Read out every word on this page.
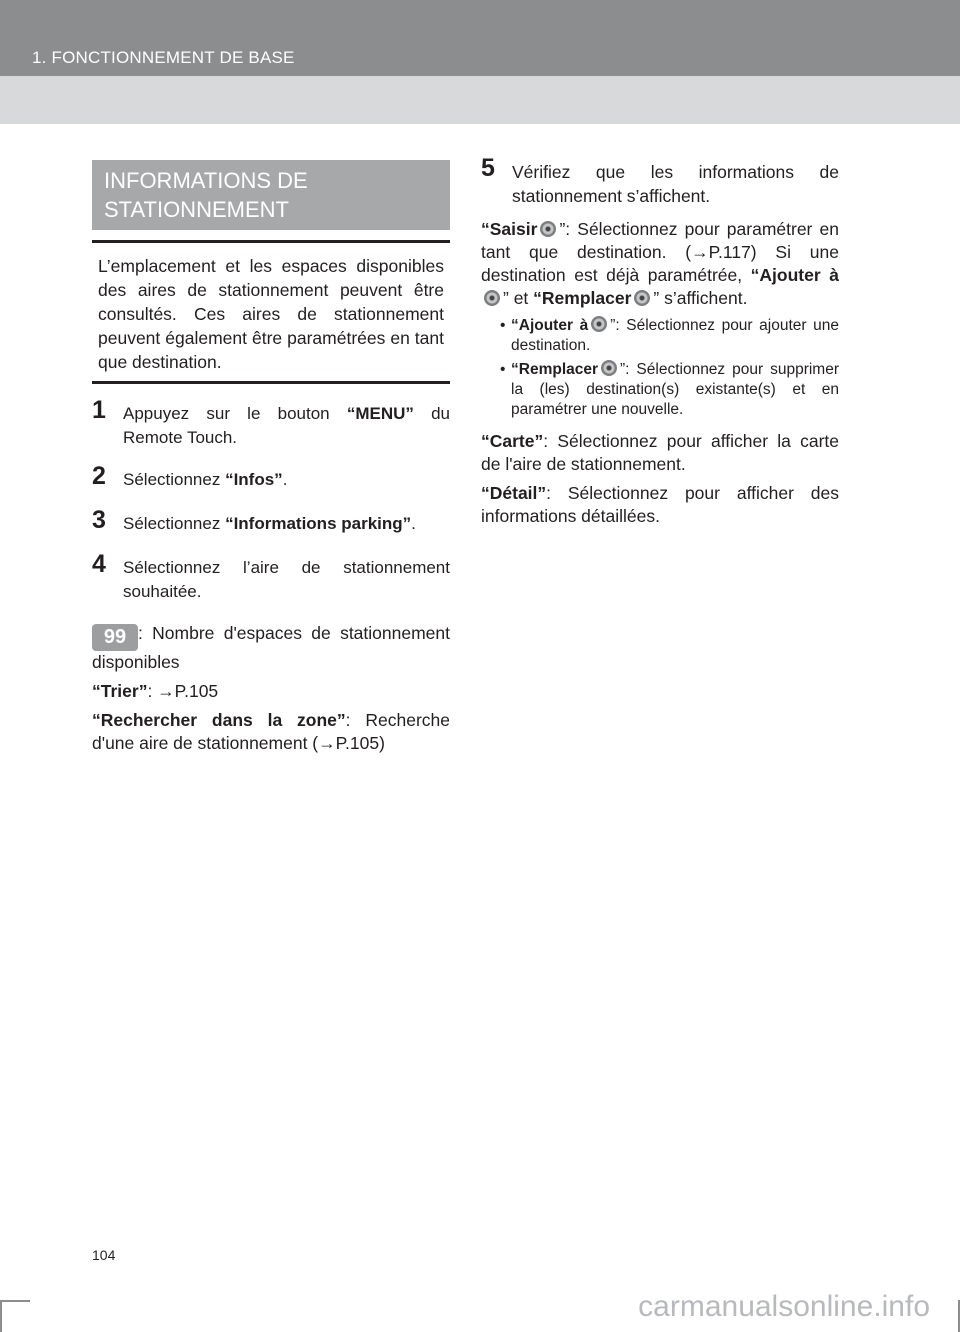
1. FONCTIONNEMENT DE BASE
INFORMATIONS DE
STATIONNEMENT
L’emplacement et les espaces disponibles des aires de stationnement peuvent être consultés. Ces aires de stationnement peuvent également être paramétrées en tant que destination.
1 Appuyez sur le bouton “MENU” du Remote Touch.
2 Sélectionnez “Infos”.
3 Sélectionnez “Informations parking”.
4 Sélectionnez l’aire de stationnement souhaitée.
99 : Nombre d'espaces de stationnement disponibles
“Trier”: →P.105
“Rechercher dans la zone”: Recherche d'une aire de stationnement (→P.105)
5 Vérifiez que les informations de stationnement s’affichent.
“Saisir ”: Sélectionnez pour paramétrer en tant que destination. (→P.117) Si une destination est déjà paramétrée, “Ajouter à ” et “Remplacer ” s’affichent.
• “Ajouter à ”: Sélectionnez pour ajouter une destination.
• “Remplacer ”: Sélectionnez pour supprimer la (les) destination(s) existante(s) et en paramétrer une nouvelle.
“Carte”: Sélectionnez pour afficher la carte de l'aire de stationnement.
“Détail”: Sélectionnez pour afficher des informations détaillées.
104
carmanualsonline.info
